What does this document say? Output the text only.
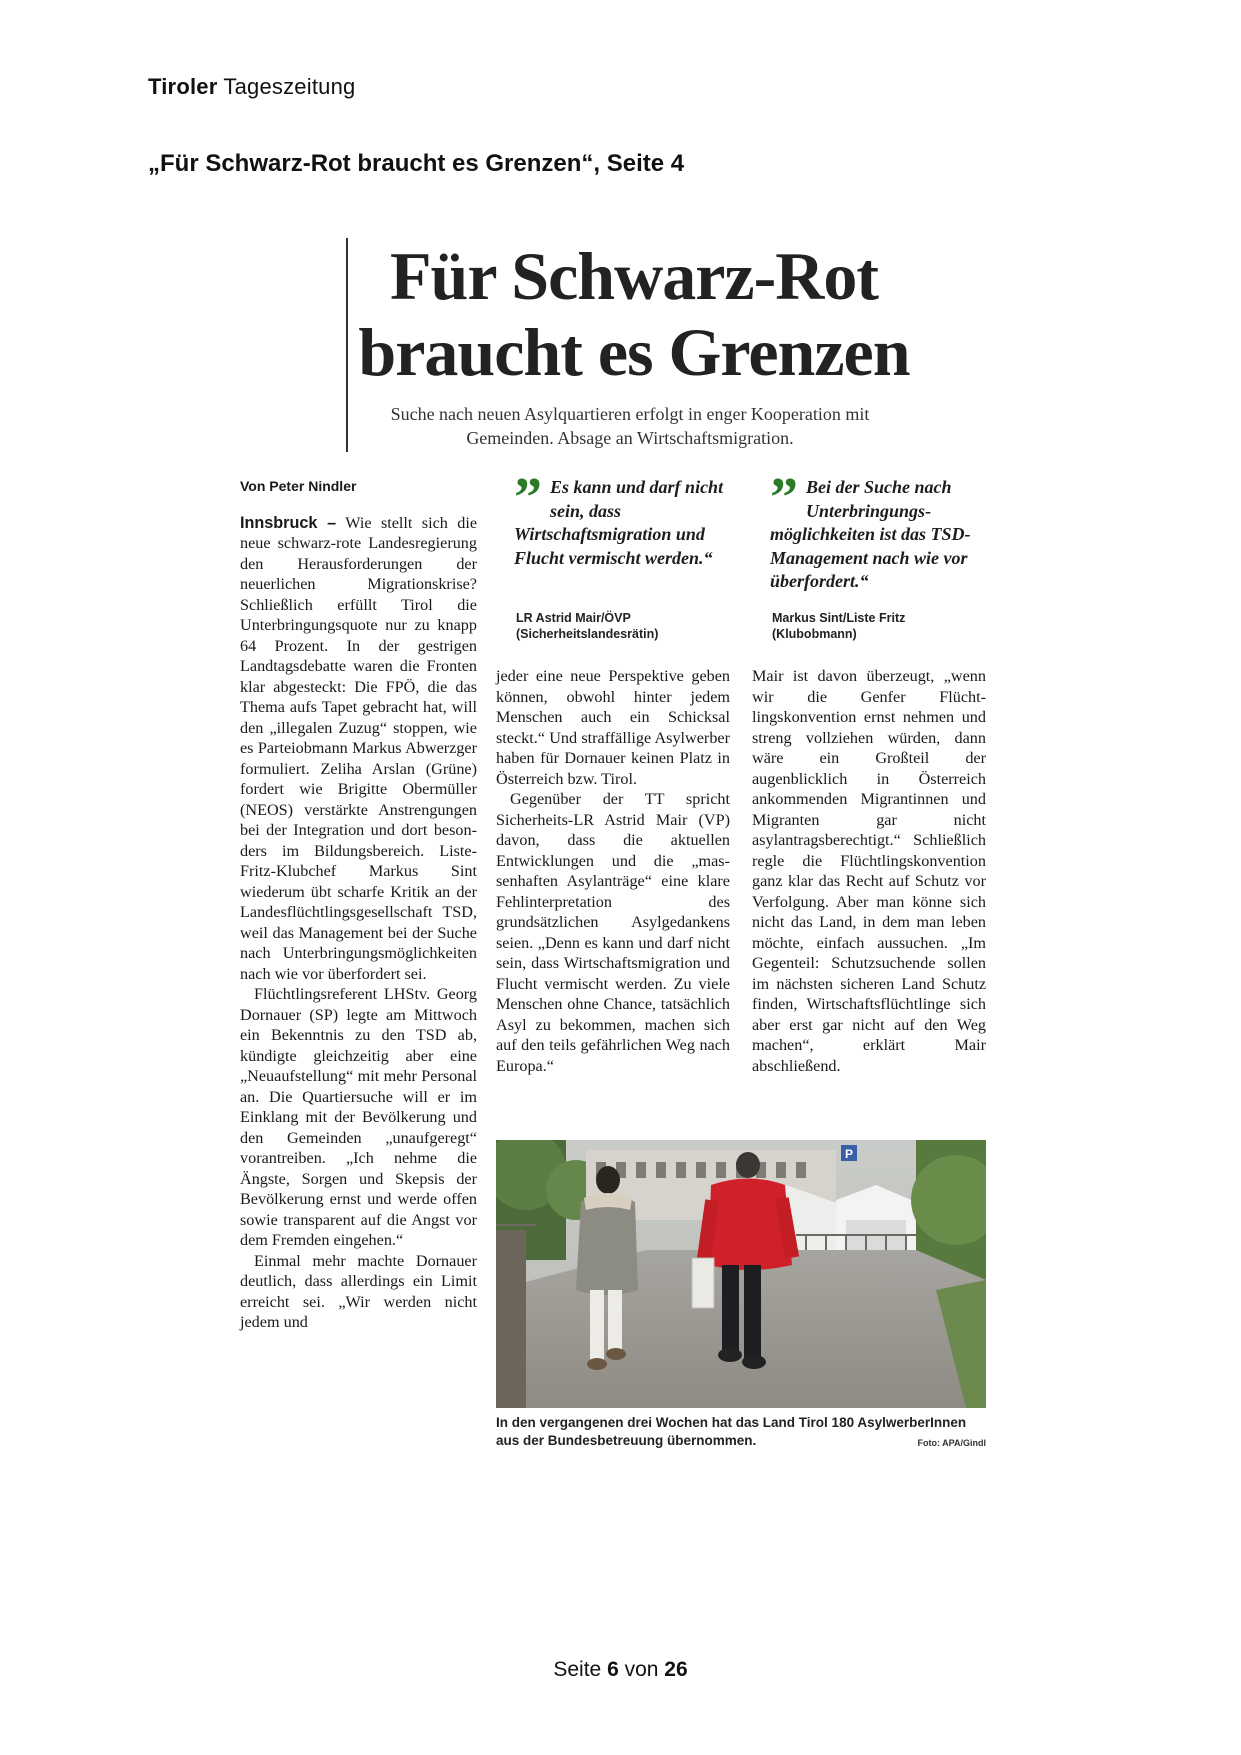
Tiroler Tageszeitung
„Für Schwarz-Rot braucht es Grenzen“, Seite 4
Für Schwarz-Rot
braucht es Grenzen
Suche nach neuen Asylquartieren erfolgt in enger Kooperation mit Gemeinden. Absage an Wirtschaftsmigration.
Von Peter Nindler

Innsbruck – Wie stellt sich die neue schwarz-rote Landesregierung den Herausforderungen der neuerlichen Migrationskrise? Schließlich erfüllt Tirol die Unterbringungsquote nur zu knapp 64 Prozent. In der gestrigen Landtagsdebatte waren die Fronten klar abgesteckt: Die FPÖ, die das Thema aufs Tapet gebracht hat, will den „illegalen Zuzug“ stoppen, wie es Parteiobmann Markus Abwerzger formuliert. Zeliha Arslan (Grüne) fordert wie Brigitte Obermüller (NEOS) verstärkte Anstrengungen bei der Integration und dort besonders im Bildungsbereich. Liste-Fritz-Klubchef Markus Sint wiederum übt scharfe Kritik an der Landesflüchtlingsgesellschaft TSD, weil das Management bei der Suche nach Unterbringungsmöglichkeiten nach wie vor überfordert sei.

Flüchtlingsreferent LHStv. Georg Dornauer (SP) legte am Mittwoch ein Bekenntnis zu den TSD ab, kündigte gleichzeitig aber eine „Neuaufstellung“ mit mehr Personal an. Die Quartiersuche will er im Einklang mit der Bevölkerung und den Gemeinden „unaufgeregt“ vorantreiben. „Ich nehme die Ängste, Sorgen und Skepsis der Bevölkerung ernst und werde offen sowie transparent auf die Angst vor dem Fremden eingehen.“

Einmal mehr machte Dornauer deutlich, dass allerdings ein Limit erreicht sei. „Wir werden nicht jedem und

” Es kann und darf nicht sein, dass Wirtschaftsmigration und Flucht vermischt werden.“
LR Astrid Mair/ÖVP
(Sicherheitslandesrätin)
” Bei der Suche nach Unterbringungsmöglichkeiten ist das TSD-Management nach wie vor überfordert.“
Markus Sint/Liste Fritz
(Klubobmann)

jeder eine neue Perspektive geben können, obwohl hinter jedem Menschen auch ein Schicksal steckt.“ Und straffällige Asylwerber haben für Dornauer keinen Platz in Österreich bzw. Tirol.

Gegenüber der TT spricht Sicherheits-LR Astrid Mair (VP) davon, dass die aktuellen Entwicklungen und die „massenhaften Asylanträge“ eine klare Fehlinterpretation des grundsätzlichen Asylgedankens seien. „Denn es kann und darf nicht sein, dass Wirtschaftsmigration und Flucht vermischt werden. Zu viele Menschen ohne Chance, tatsächlich Asyl zu bekommen, machen sich auf den teils gefährlichen Weg nach Europa.“

Mair ist davon überzeugt, „wenn wir die Genfer Flüchtlingskonvention ernst nehmen und streng vollziehen würden, dann wäre ein Großteil der augenblicklich in Österreich ankommenden Migrantinnen und Migranten gar nicht asylantragsberechtigt.“ Schließlich regle die Flüchtlingskonvention ganz klar das Recht auf Schutz vor Verfolgung. Aber man könne sich nicht das Land, in dem man leben möchte, einfach aussuchen. „Im Gegenteil: Schutzsuchende sollen im nächsten sicheren Land Schutz finden, Wirtschaftsflüchtlinge sich aber erst gar nicht auf den Weg machen“, erklärt Mair abschließend.

P
In den vergangenen drei Wochen hat das Land Tirol 180 AsylwerberInnen aus der Bundesbetreuung übernommen.	Foto: APA/Gindl
Seite 6 von 26
